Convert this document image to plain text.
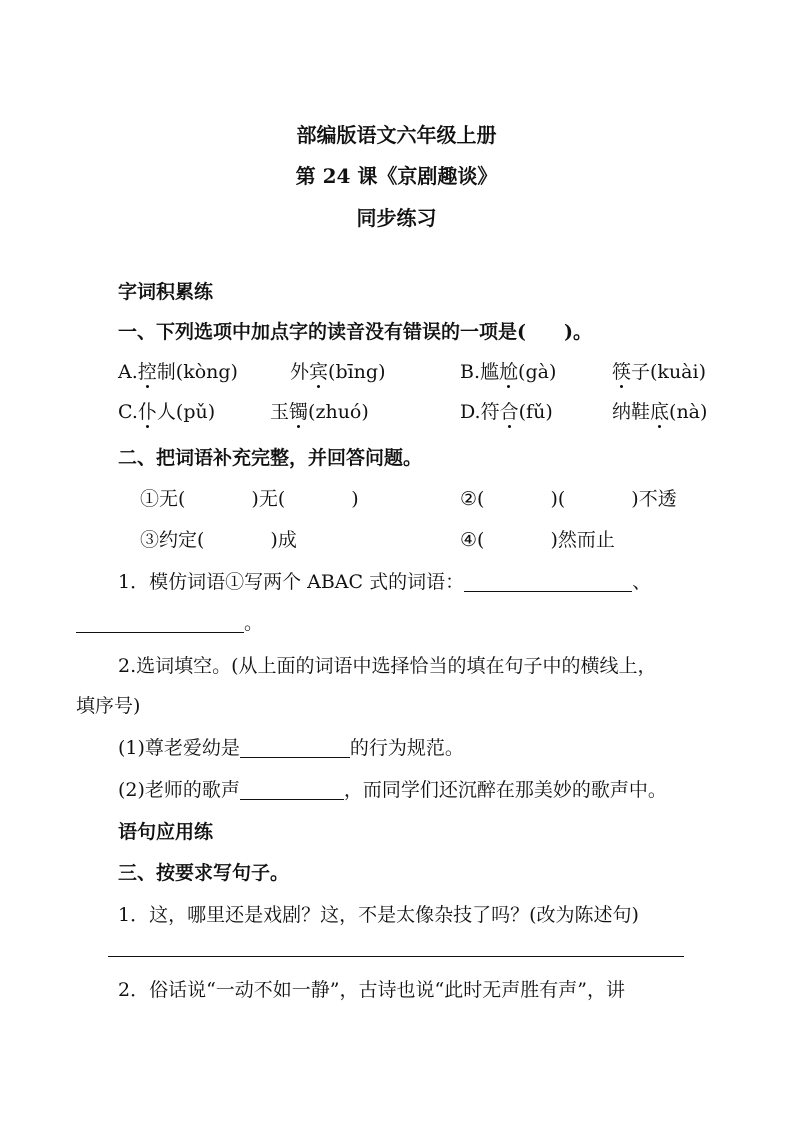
部编版语文六年级上册
第 24 课《京剧趣谈》
同步练习
字词积累练
一、下列选项中加点字的读音没有错误的一项是( )。
A.控制(kòng)	外宾(bīng)	B.尴尬(gà)	筷子(kuài)
C.仆人(pǔ)	玉镯(zhuó)	D.符合(fǔ)	纳鞋底(nà)
二、把词语补充完整，并回答问题。
①无(	)无(	)	②(	)(	)不透
③约定(	)成	④(	)然而止
1．模仿词语①写两个 ABAC 式的词语：	、
。
2.选词填空。(从上面的词语中选择恰当的填在句子中的横线上，
填序号)
(1)尊老爱幼是	的行为规范。
(2)老师的歌声	，而同学们还沉醉在那美妙的歌声中。
语句应用练
三、按要求写句子。
1．这，哪里还是戏剧？这，不是太像杂技了吗？(改为陈述句)
2．俗话说“一动不如一静”，古诗也说“此时无声胜有声”，讲
